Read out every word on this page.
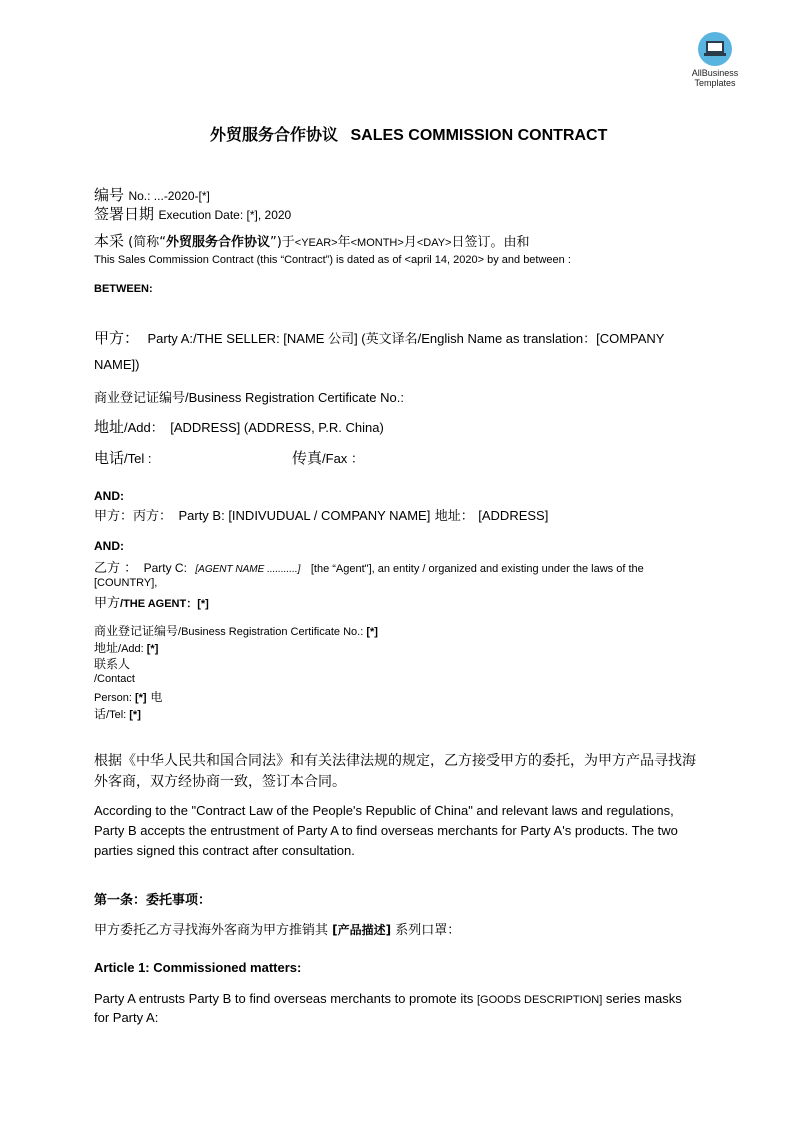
AllBusiness
Templates
外贸服务合作协议 SALES COMMISSION CONTRACT
编号 No.: ...-2020-[*]
签署日期 Execution Date: [*], 2020
本采 (简称“外贸服务合作协议”)于<YEAR>年<MONTH>月<DAY>日签订。由和
This Sales Commission Contract (this “Contract”) is dated as of <april 14, 2020> by and between :
BETWEEN:
甲方： Party A:/THE SELLER: [NAME 公司] (英文译名/English Name as translation：[COMPANY
NAME])
商业登记证编号/Business Registration Certificate No.:
地址/Add： [ADDRESS] (ADDRESS, P.R. China)
电话/Tel :	传真/Fax ：
AND:
甲方：丙方： Party B: [INDIVUDUAL / COMPANY NAME] 地址： [ADDRESS]
AND:
乙方 ： Party C: [AGENT NAME ...........] [the “Agent"], an entity / organized and existing under the laws of the
[COUNTRY],
甲方/THE AGENT：[*]
商业登记证编号/Business Registration Certificate No.: [*]
地址/Add: [*]
联系人
/Contact
Person: [*] 电
话/Tel: [*]
根据《中华人民共和国合同法》和有关法律法规的规定，乙方接受甲方的委托，为甲方产品寻找海外客商，双方经协商一致，签订本合同。
According to the "Contract Law of the People's Republic of China" and relevant laws and regulations, Party B accepts the entrustment of Party A to find overseas merchants for Party A's products. The two parties signed this contract after consultation.
第一条：委托事项：
甲方委托乙方寻找海外客商为甲方推销其 [产品描述] 系列口罩：
Article 1: Commissioned matters:
Party A entrusts Party B to find overseas merchants to promote its [GOODS DESCRIPTION] series masks
for Party A:
